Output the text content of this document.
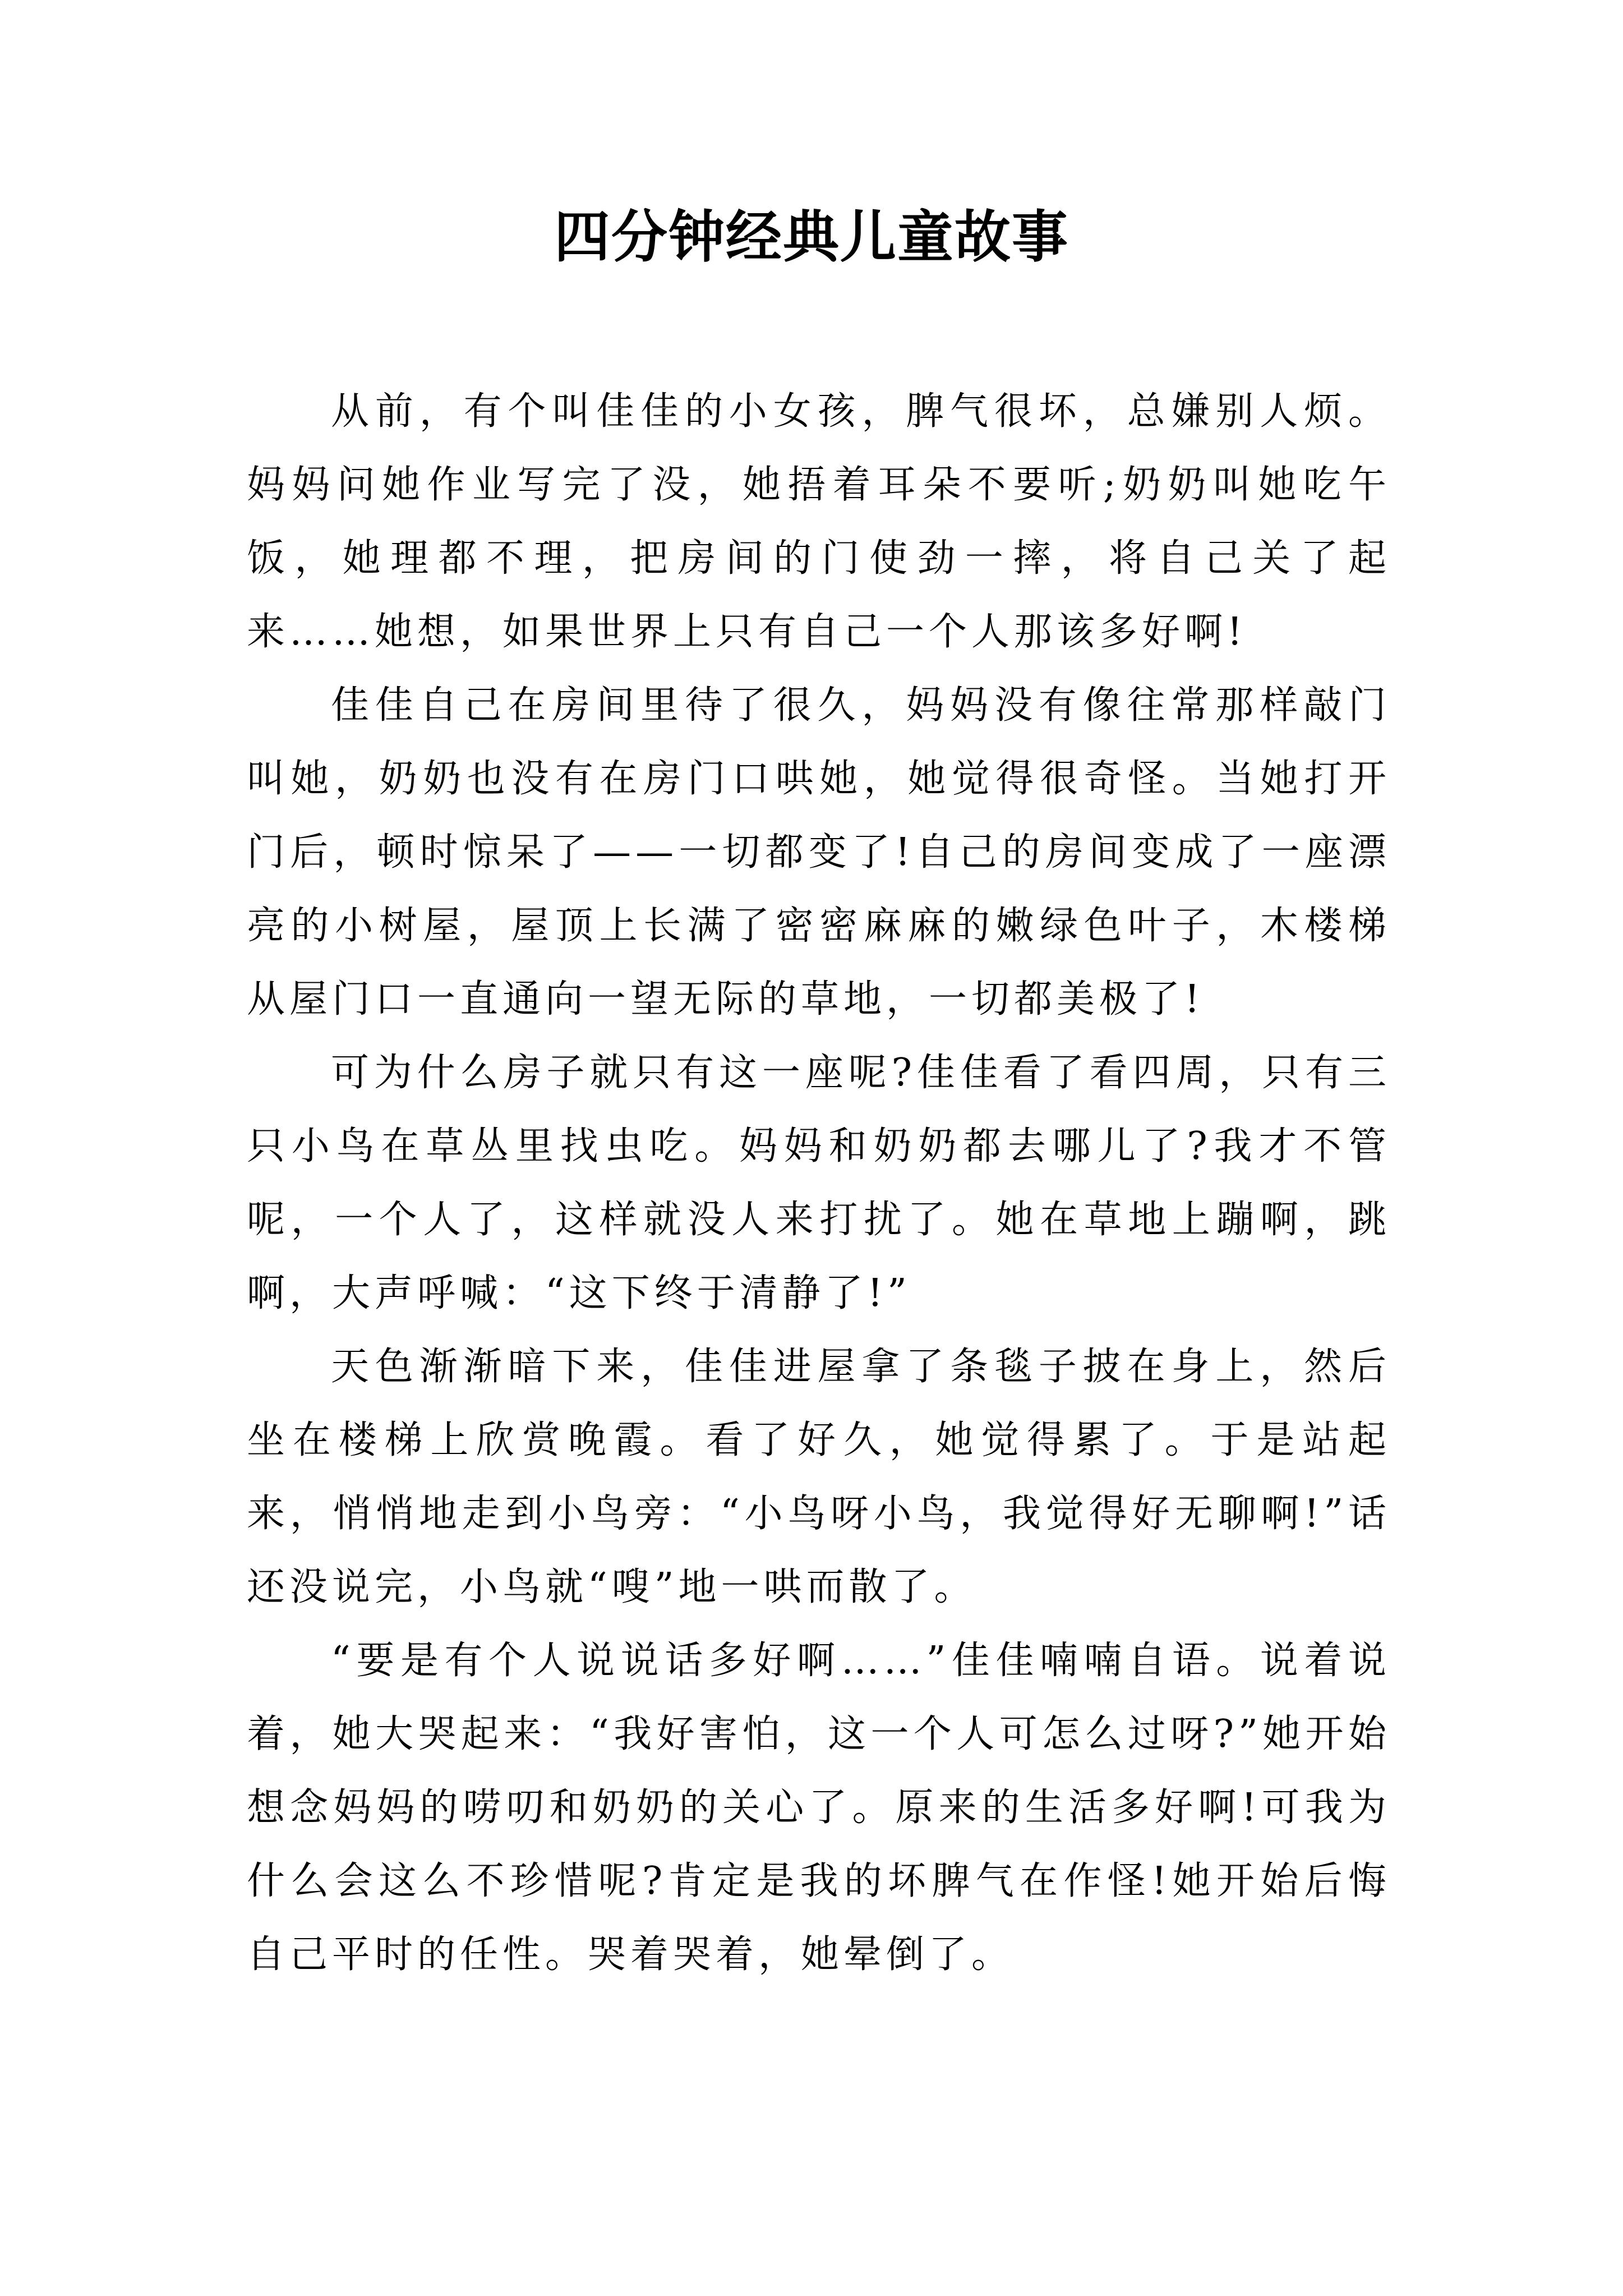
四分钟经典儿童故事

从前，有个叫佳佳的小女孩，脾气很坏，总嫌别人烦。妈妈问她作业写完了没，她捂着耳朵不要听;奶奶叫她吃午饭，她理都不理，把房间的门使劲一摔，将自己关了起来……她想，如果世界上只有自己一个人那该多好啊!

佳佳自己在房间里待了很久，妈妈没有像往常那样敲门叫她，奶奶也没有在房门口哄她，她觉得很奇怪。当她打开门后，顿时惊呆了——一切都变了!自己的房间变成了一座漂亮的小树屋，屋顶上长满了密密麻麻的嫩绿色叶子，木楼梯从屋门口一直通向一望无际的草地，一切都美极了!

可为什么房子就只有这一座呢?佳佳看了看四周，只有三只小鸟在草丛里找虫吃。妈妈和奶奶都去哪儿了?我才不管呢，一个人了，这样就没人来打扰了。她在草地上蹦啊，跳啊，大声呼喊：“这下终于清静了!”

天色渐渐暗下来，佳佳进屋拿了条毯子披在身上，然后坐在楼梯上欣赏晚霞。看了好久，她觉得累了。于是站起来，悄悄地走到小鸟旁：“小鸟呀小鸟，我觉得好无聊啊!”话还没说完，小鸟就“嗖”地一哄而散了。

“要是有个人说说话多好啊……”佳佳喃喃自语。说着说着，她大哭起来：“我好害怕，这一个人可怎么过呀?”她开始想念妈妈的唠叨和奶奶的关心了。原来的生活多好啊!可我为什么会这么不珍惜呢?肯定是我的坏脾气在作怪!她开始后悔自己平时的任性。哭着哭着，她晕倒了。
